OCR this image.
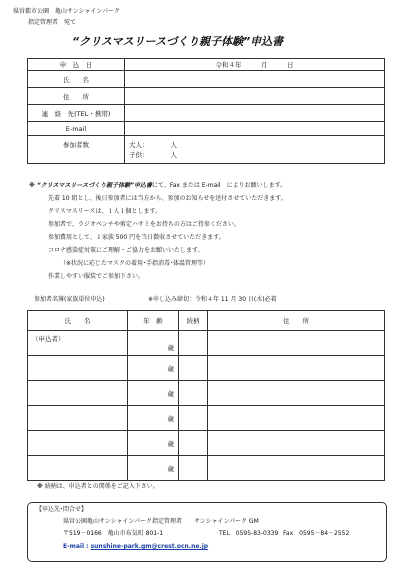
県営都市公園　亀山サンシャインパーク
指定管理者　宛て
“クリスマスリースづくり親子体験”申込書
申　込　日	令和４年　　　月　　　日
氏　　名	
住　　所	
連　絡　先(TEL・携帯)	
E-mail	
参加者数	大人： 人
子供： 人
※ “クリスマスリースづくり親子体験”申込書にて、Fax または E-mail　によりお願いします。
先着 10 組とし、後日参加者には当方から、参加のお知らせを送付させていただきます。
クリスマスリースは、１人１個とします。
参加者で、ラジオペンチや剪定ハサミをお持ちの方はご持参ください。
参加費用として、１家族 500 円を当日徴収させていただきます。
コロナ感染症対策にご理解・ご協力をお願いいたします。
（※状況に応じたマスクの着用･手指消毒･体温管理等）
作業しやすい服装でご参加下さい。
参加者名簿(家族単位申込)	※申し込み締切：令和４年 11 月 30 日(水)必着
氏　　名	年　齢	続柄	住　　所
（申込者）	歳		
	歳		
	歳		
	歳		
	歳		
	歳		
※ 続柄は、申込者との関係をご記入下さい。
【申込先･問合せ】
県営公園亀山サンシャインパーク指定管理者　　サンシャインパーク GM
〒519－0166　亀山市布気町 801-1	TEL　0595-83-0339 Fax　0595－84－2552
E-mail : sunshine-park.gm@crest.ocn.ne.jp
